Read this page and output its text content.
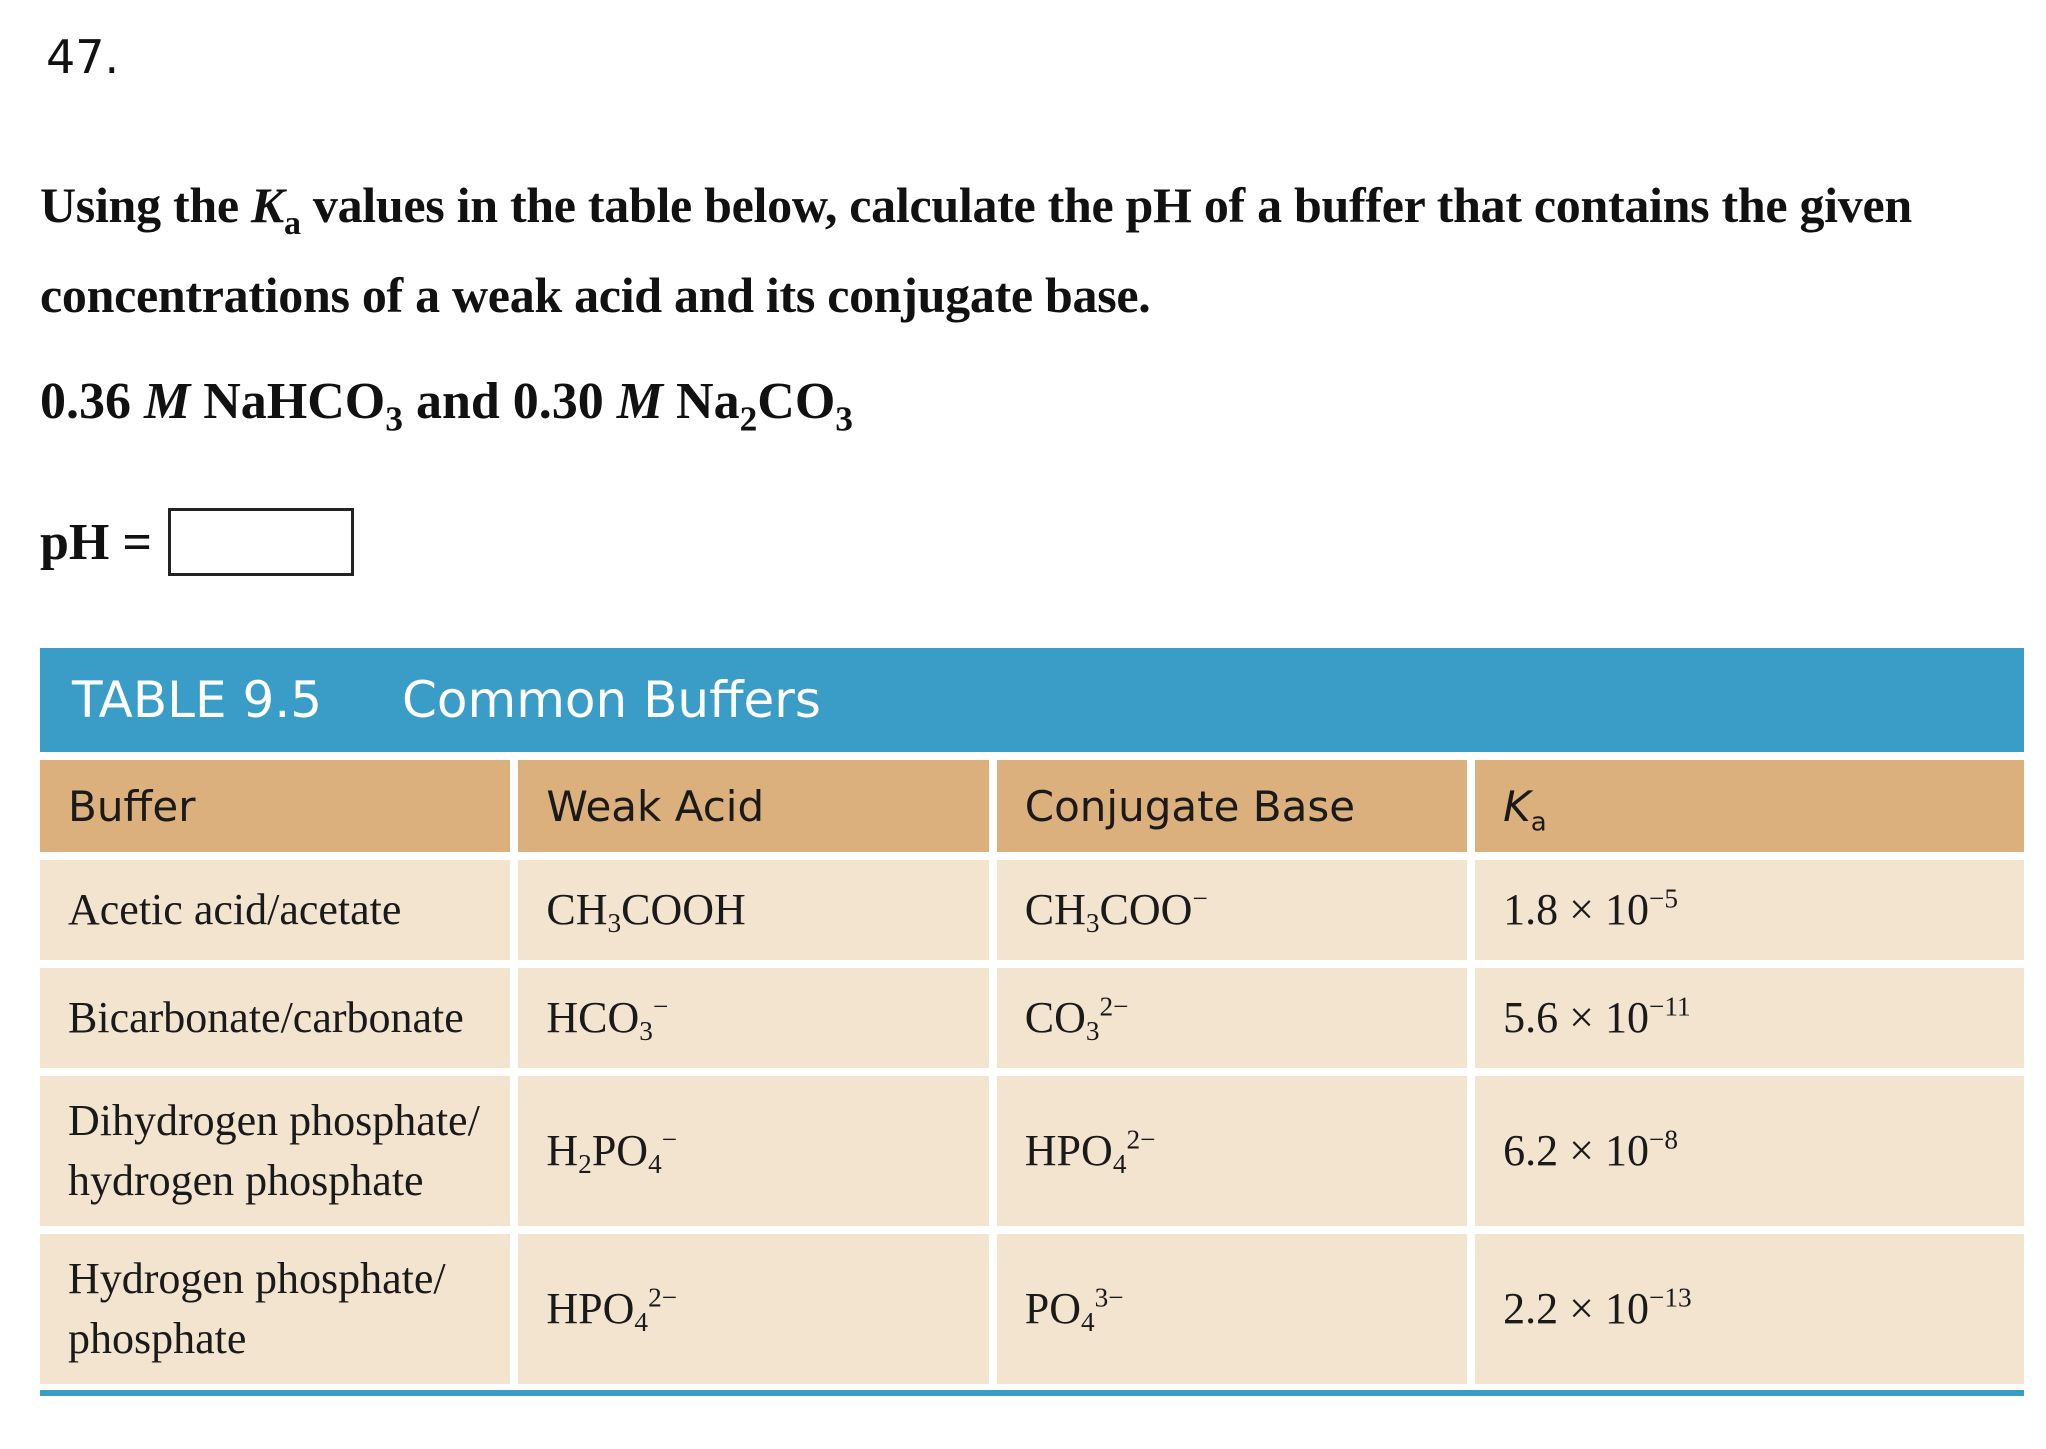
47.
Using the $K_a$ values in the table below, calculate the pH of a buffer that contains the given concentrations of a weak acid and its conjugate base.
0.36 M NaHCO$_3$ and 0.30 M $Na_2CO_3$
pH =
TABLE 9.5	Common Buffers
Buffer	Weak Acid	Conjugate Base	$K_a$
Acetic acid/acetate	$CH_3COOH$	$CH_3COO^-$	$1.8 \times 10^{-5}$
Bicarbonate/carbonate	$HCO_3^-$	$CO_3^{2-}$	$5.6 \times 10^{-11}$
Dihydrogen phosphate/
hydrogen phosphate	$H_2PO_4^-$	$HPO_4^{2-}$	$6.2 \times 10^{-8}$
Hydrogen phosphate/
phosphate	$HPO_4^{2-}$	$PO_4^{3-}$	$2.2 \times 10^{-13}$
